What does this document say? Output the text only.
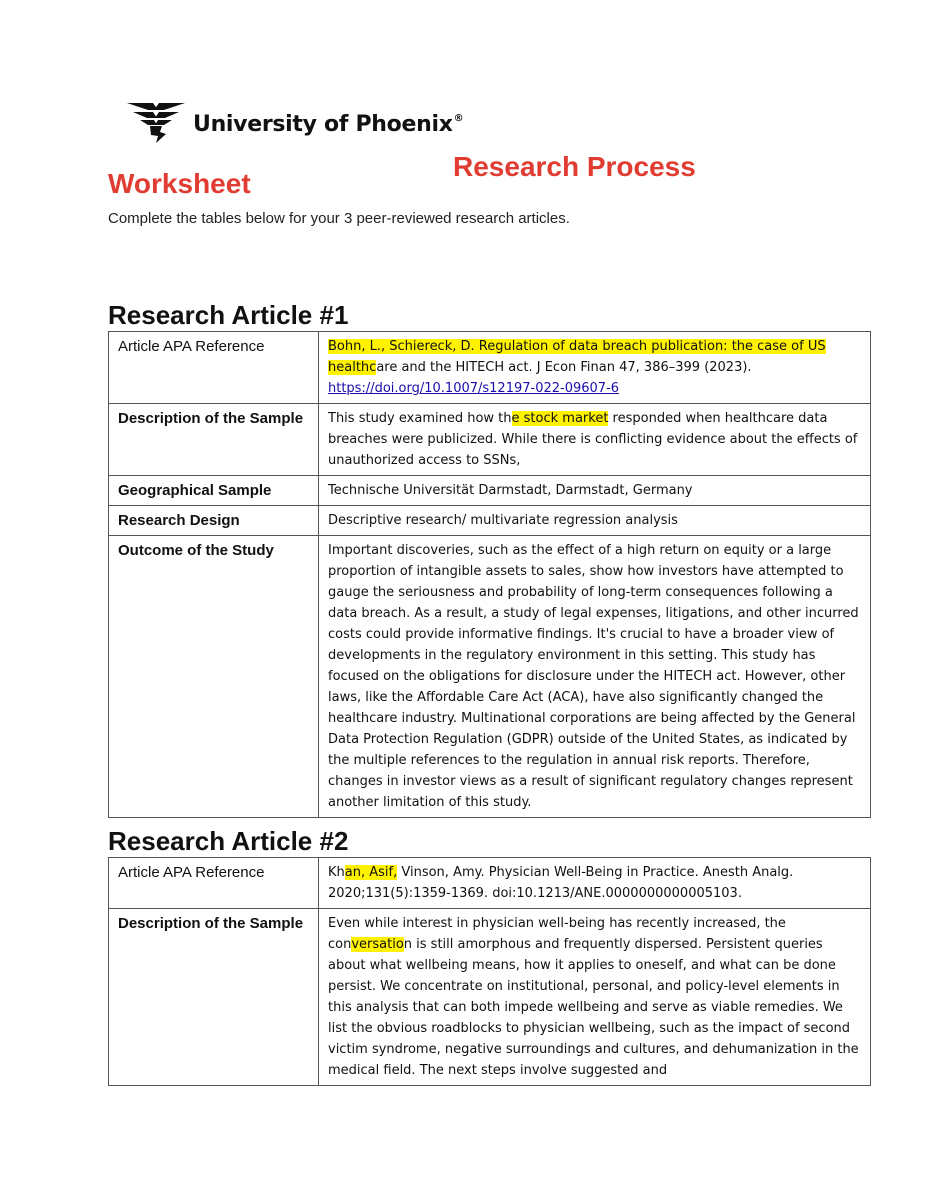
University of Phoenix®
Research Process
Worksheet
Complete the tables below for your 3 peer-reviewed research articles.
Research Article #1
Article APA Reference	Bohn, L., Schiereck, D. Regulation of data breach publication: the case of US healthcare and the HITECH act. J Econ Finan 47, 386–399 (2023). https://doi.org/10.1007/s12197-022-09607-6
Description of the Sample	This study examined how the stock market responded when healthcare data breaches were publicized. While there is conflicting evidence about the effects of unauthorized access to SSNs,
Geographical Sample	Technische Universität Darmstadt, Darmstadt, Germany
Research Design	Descriptive research/ multivariate regression analysis
Outcome of the Study	Important discoveries, such as the effect of a high return on equity or a large proportion of intangible assets to sales, show how investors have attempted to gauge the seriousness and probability of long-term consequences following a data breach. As a result, a study of legal expenses, litigations, and other incurred costs could provide informative findings. It's crucial to have a broader view of developments in the regulatory environment in this setting. This study has focused on the obligations for disclosure under the HITECH act. However, other laws, like the Affordable Care Act (ACA), have also significantly changed the healthcare industry. Multinational corporations are being affected by the General Data Protection Regulation (GDPR) outside of the United States, as indicated by the multiple references to the regulation in annual risk reports. Therefore, changes in investor views as a result of significant regulatory changes represent another limitation of this study.
Research Article #2
Article APA Reference	Khan, Asif, Vinson, Amy. Physician Well-Being in Practice. Anesth Analg. 2020;131(5):1359-1369. doi:10.1213/ANE.0000000000005103.
Description of the Sample	Even while interest in physician well-being has recently increased, the conversation is still amorphous and frequently dispersed. Persistent queries about what wellbeing means, how it applies to oneself, and what can be done persist. We concentrate on institutional, personal, and policy-level elements in this analysis that can both impede wellbeing and serve as viable remedies. We list the obvious roadblocks to physician wellbeing, such as the impact of second victim syndrome, negative surroundings and cultures, and dehumanization in the medical field. The next steps involve suggested and
